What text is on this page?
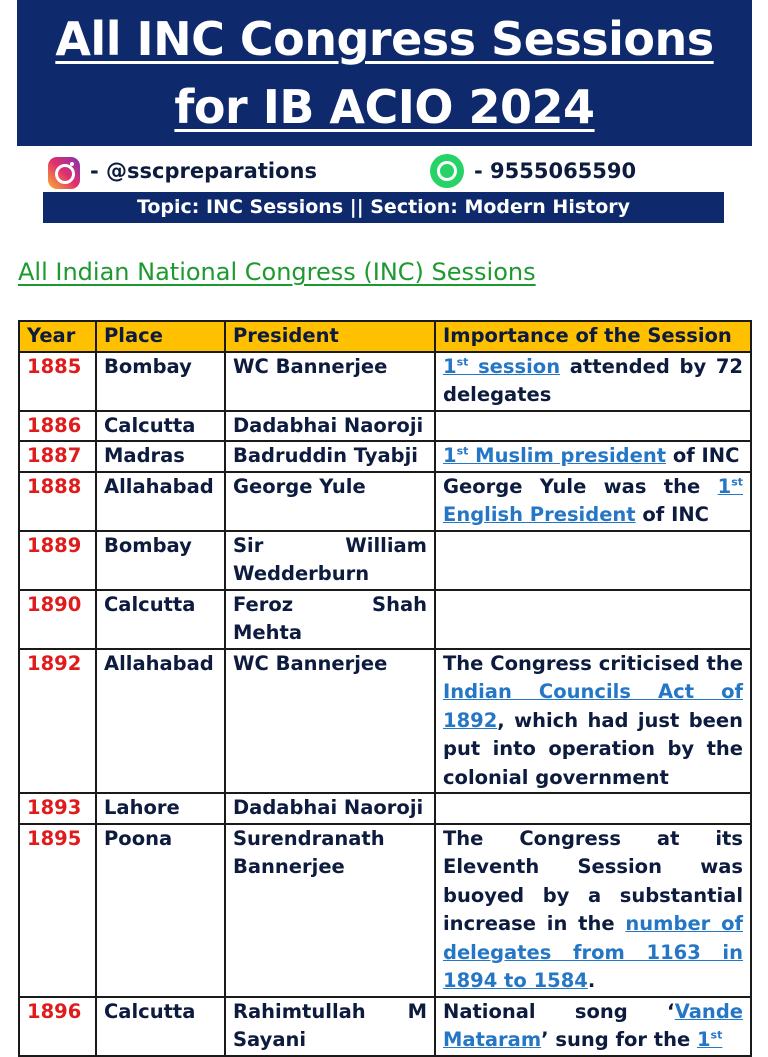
All INC Congress Sessions
for IB ACIO 2024
- @sscpreparations	- 9555065590
Topic: INC Sessions || Section: Modern History
All Indian National Congress (INC) Sessions
Year	Place	President	Importance of the Session
1885	Bombay	WC Bannerjee	1st session attended by 72 delegates
1886	Calcutta	Dadabhai Naoroji	
1887	Madras	Badruddin Tyabji	1st Muslim president of INC
1888	Allahabad	George Yule	George Yule was the 1st English President of INC
1889	Bombay	Sir William Wedderburn	
1890	Calcutta	Feroz Shah Mehta	
1892	Allahabad	WC Bannerjee	The Congress criticised the Indian Councils Act of 1892, which had just been put into operation by the colonial government
1893	Lahore	Dadabhai Naoroji	
1895	Poona	Surendranath Bannerjee	The Congress at its Eleventh Session was buoyed by a substantial increase in the number of delegates from 1163 in 1894 to 1584.
1896	Calcutta	Rahimtullah M Sayani	National song ‘Vande Mataram’ sung for the 1st
